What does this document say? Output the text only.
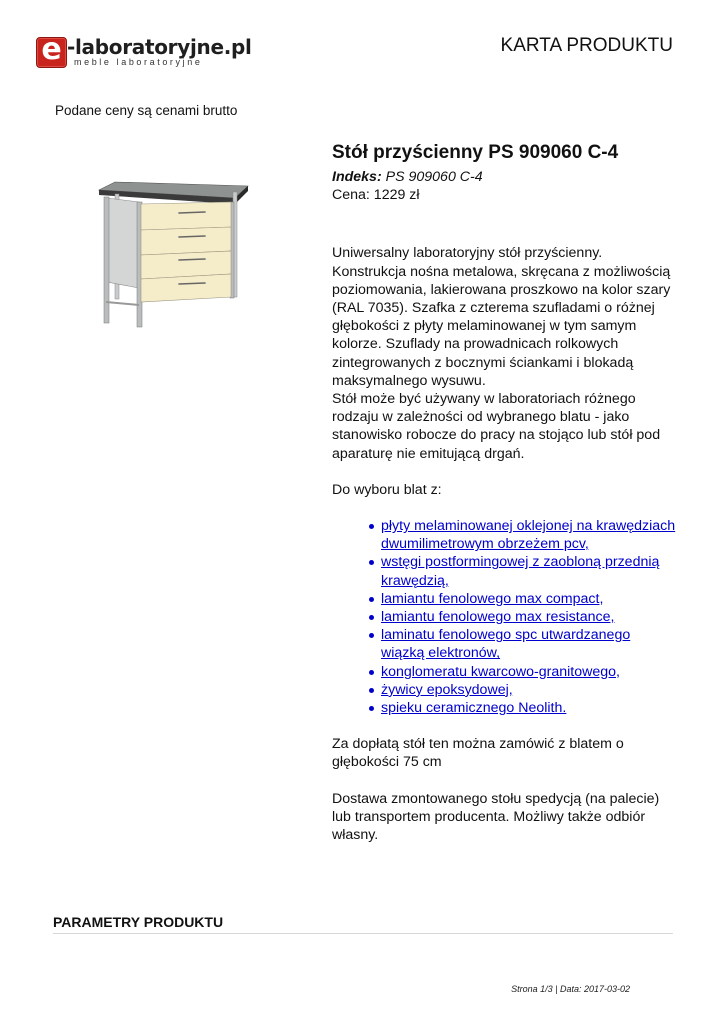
e -laboratoryjne.pl
meble laboratoryjne
KARTA PRODUKTU
Podane ceny są cenami brutto
Stół przyścienny PS 909060 C-4
Indeks: PS 909060 C-4
Cena: 1229 zł

Uniwersalny laboratoryjny stół przyścienny. Konstrukcja nośna metalowa, skręcana z możliwością poziomowania, lakierowana proszkowo na kolor szary (RAL 7035). Szafka z czterema szufladami o różnej głębokości z płyty melaminowanej w tym samym kolorze. Szuflady na prowadnicach rolkowych zintegrowanych z bocznymi ściankami i blokadą maksymalnego wysuwu.

Stół może być używany w laboratoriach różnego rodzaju w zależności od wybranego blatu - jako stanowisko robocze do pracy na stojąco lub stół pod aparaturę nie emitującą drgań.

Do wyboru blat z:

płyty melaminowanej oklejonej na krawędziach dwumilimetrowym obrzeżem pcv,
wstęgi postformingowej z zaobloną przednią krawędzią,
lamiantu fenolowego max compact,
lamiantu fenolowego max resistance,
laminatu fenolowego spc utwardzanego wiązką elektronów,
konglomeratu kwarcowo-granitowego,
żywicy epoksydowej,
spieku ceramicznego Neolith.

Za dopłatą stół ten można zamówić z blatem o głębokości 75 cm

Dostawa zmontowanego stołu spedycją (na palecie) lub transportem producenta. Możliwy także odbiór własny.

PARAMETRY PRODUKTU
Strona 1/3 | Data: 2017-03-02
